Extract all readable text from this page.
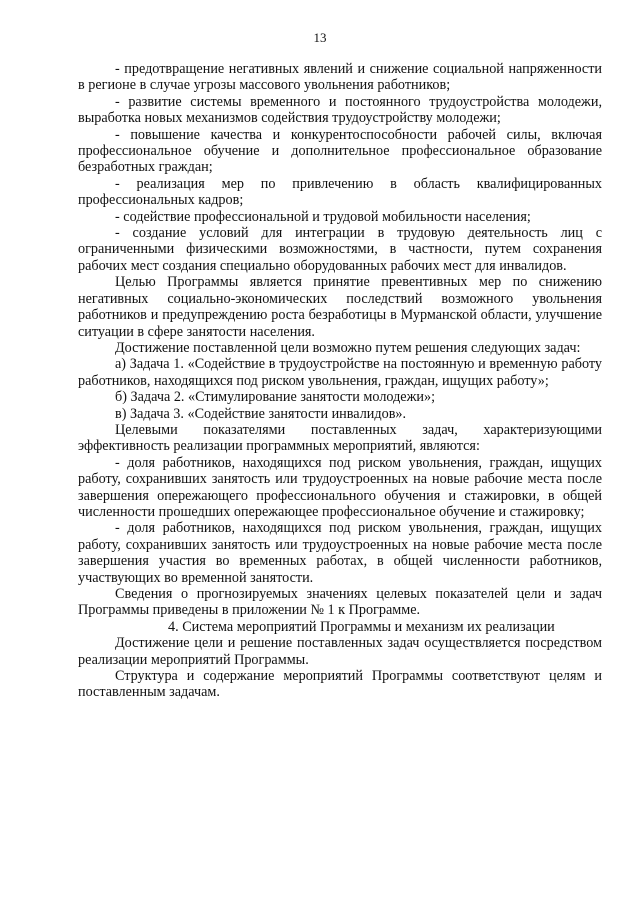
13

- предотвращение негативных явлений и снижение социальной напряженности в регионе в случае угрозы массового увольнения работников;

- развитие системы временного и постоянного трудоустройства молодежи, выработка новых механизмов содействия трудоустройству молодежи;

- повышение качества и конкурентоспособности рабочей силы, включая профессиональное обучение и дополнительное профессиональное образование безработных граждан;

- реализация мер по привлечению в область квалифицированных профессиональных кадров;

- содействие профессиональной и трудовой мобильности населения;

- создание условий для интеграции в трудовую деятельность лиц с ограниченными физическими возможностями, в частности, путем сохранения рабочих мест создания специально оборудованных рабочих мест для инвалидов.

Целью Программы является принятие превентивных мер по снижению негативных социально-экономических последствий возможного увольнения работников и предупреждению роста безработицы в Мурманской области, улучшение ситуации в сфере занятости населения.

Достижение поставленной цели возможно путем решения следующих задач:

а) Задача 1. «Содействие в трудоустройстве на постоянную и временную работу работников, находящихся под риском увольнения, граждан, ищущих работу»;

б) Задача 2. «Стимулирование занятости молодежи»;

в) Задача 3. «Содействие занятости инвалидов».

Целевыми показателями поставленных задач, характеризующими эффективность реализации программных мероприятий, являются:

- доля работников, находящихся под риском увольнения, граждан, ищущих работу, сохранивших занятость или трудоустроенных на новые рабочие места после завершения опережающего профессионального обучения и стажировки, в общей численности прошедших опережающее профессиональное обучение и стажировку;

- доля работников, находящихся под риском увольнения, граждан, ищущих работу, сохранивших занятость или трудоустроенных на новые рабочие места после завершения участия во временных работах, в общей численности работников, участвующих во временной занятости.

Сведения о прогнозируемых значениях целевых показателей цели и задач Программы приведены в приложении № 1 к Программе.

4. Система мероприятий Программы и механизм их реализации

Достижение цели и решение поставленных задач осуществляется посредством реализации мероприятий Программы.

Структура и содержание мероприятий Программы соответствуют целям и поставленным задачам.
